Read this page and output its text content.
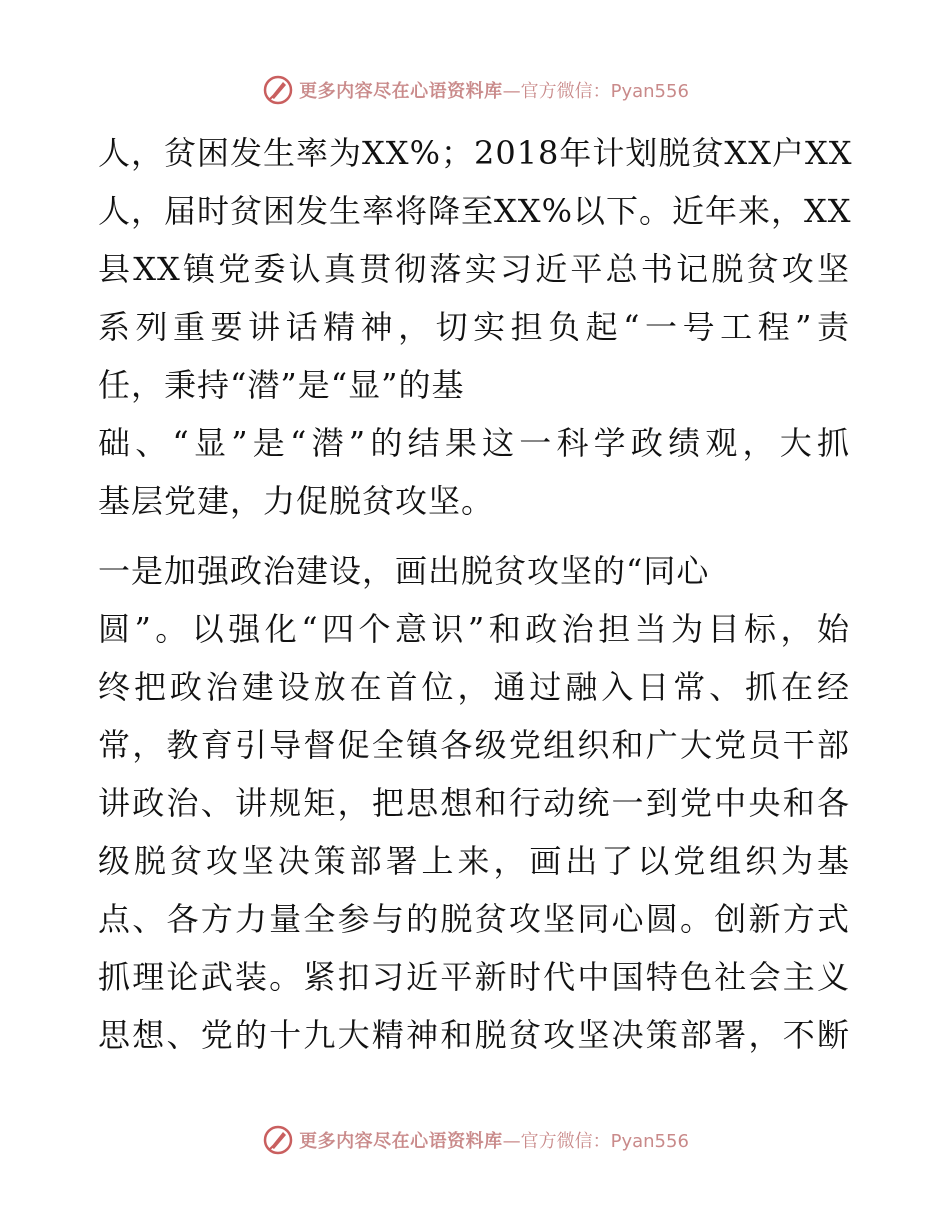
更多内容尽在心语资料库 —官方微信：Pyan556
人，贫困发生率为XX%；2018年计划脱贫XX户XX
人，届时贫困发生率将降至XX%以下。近年来，XX
县XX镇党委认真贯彻落实习近平总书记脱贫攻坚
系列重要讲话精神，切实担负起“一号工程”责
任，秉持“潜”是“显”的基
础、“显”是“潜”的结果这一科学政绩观，大抓
基层党建，力促脱贫攻坚。
一是加强政治建设，画出脱贫攻坚的“同心
圆”。以强化“四个意识”和政治担当为目标，始
终把政治建设放在首位，通过融入日常、抓在经
常，教育引导督促全镇各级党组织和广大党员干部
讲政治、讲规矩，把思想和行动统一到党中央和各
级脱贫攻坚决策部署上来，画出了以党组织为基
点、各方力量全参与的脱贫攻坚同心圆。创新方式
抓理论武装。紧扣习近平新时代中国特色社会主义
思想、党的十九大精神和脱贫攻坚决策部署，不断
更多内容尽在心语资料库 —官方微信：Pyan556
